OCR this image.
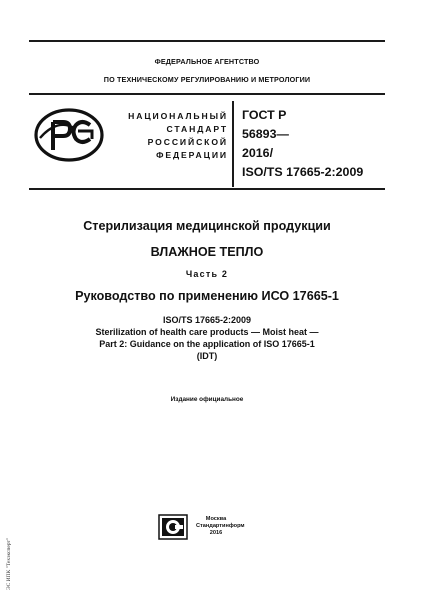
ФЕДЕРАЛЬНОЕ АГЕНТСТВО
ПО ТЕХНИЧЕСКОМУ РЕГУЛИРОВАНИЮ И МЕТРОЛОГИИ
НАЦИОНАЛЬНЫЙ
СТАНДАРТ
РОССИЙСКОЙ
ФЕДЕРАЦИИ
ГОСТ Р
56893—
2016/
ISO/TS 17665-2:2009
Стерилизация медицинской продукции
ВЛАЖНОЕ ТЕПЛО
Часть 2
Руководство по применению ИСО 17665-1
ISO/TS 17665-2:2009
Sterilization of health care products — Moist heat —
Part 2: Guidance on the application of ISO 17665-1
(IDT)
Издание официальное
Москва
Стандартинформ
2016
ЭС ИПК "Техэксперт"
